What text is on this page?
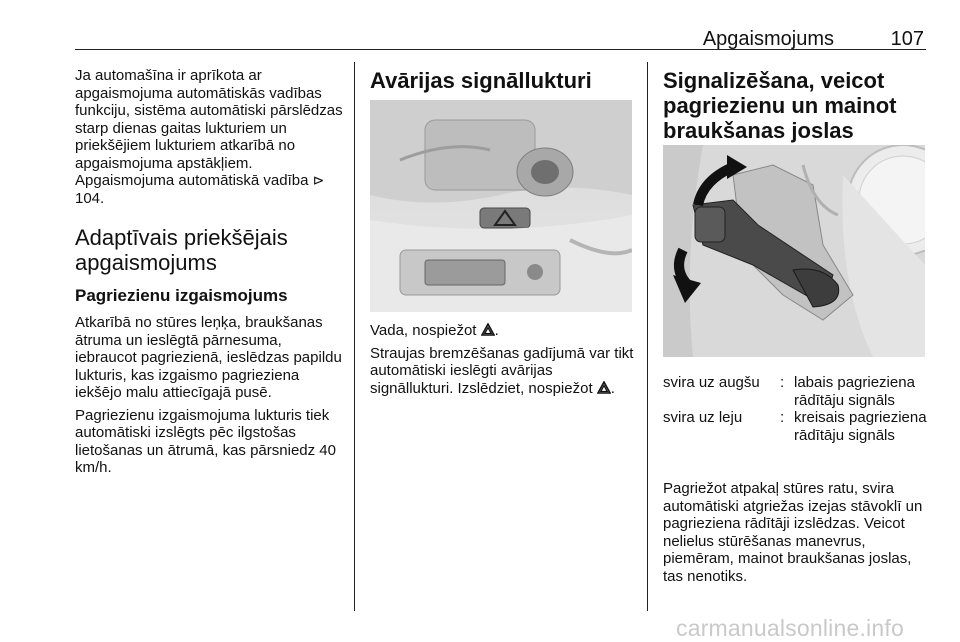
Apgaismojums	107
Ja automašīna ir aprīkota ar apgaismojuma automātiskās vadības funkciju, sistēma automātiski pārslēdzas starp dienas gaitas lukturiem un priekšējiem lukturiem atkarībā no apgaismojuma apstākļiem. Apgaismojuma automātiskā vadība ⊳ 104.
Adaptīvais priekšējais apgaismojums
Pagriezienu izgaismojums

Atkarībā no stūres leņķa, braukšanas ātruma un ieslēgtā pārnesuma, iebraucot pagriezienā, ieslēdzas papildu lukturis, kas izgaismo pagrieziena iekšējo malu attiecīgajā pusē.

Pagriezienu izgaismojuma lukturis tiek automātiski izslēgts pēc ilgstošas lietošanas un ātrumā, kas pārsniedz 40 km/h.

Avārijas signāllukturi

Vada, nospiežot .

Straujas bremzēšanas gadījumā var tikt automātiski ieslēgti avārijas signāllukturi. Izslēdziet, nospiežot .

Signalizēšana, veicot pagriezienu un mainot braukšanas joslas
svira uz augšu	: labais pagrieziena rādītāju signāls
svira uz leju	: kreisais pagrieziena rādītāju signāls
Pagriežot atpakaļ stūres ratu, svira automātiski atgriežas izejas stāvoklī un pagrieziena rādītāji izslēdzas. Veicot nelielus stūrēšanas manevrus, piemēram, mainot braukšanas joslas, tas nenotiks.
carmanualsonline.info
